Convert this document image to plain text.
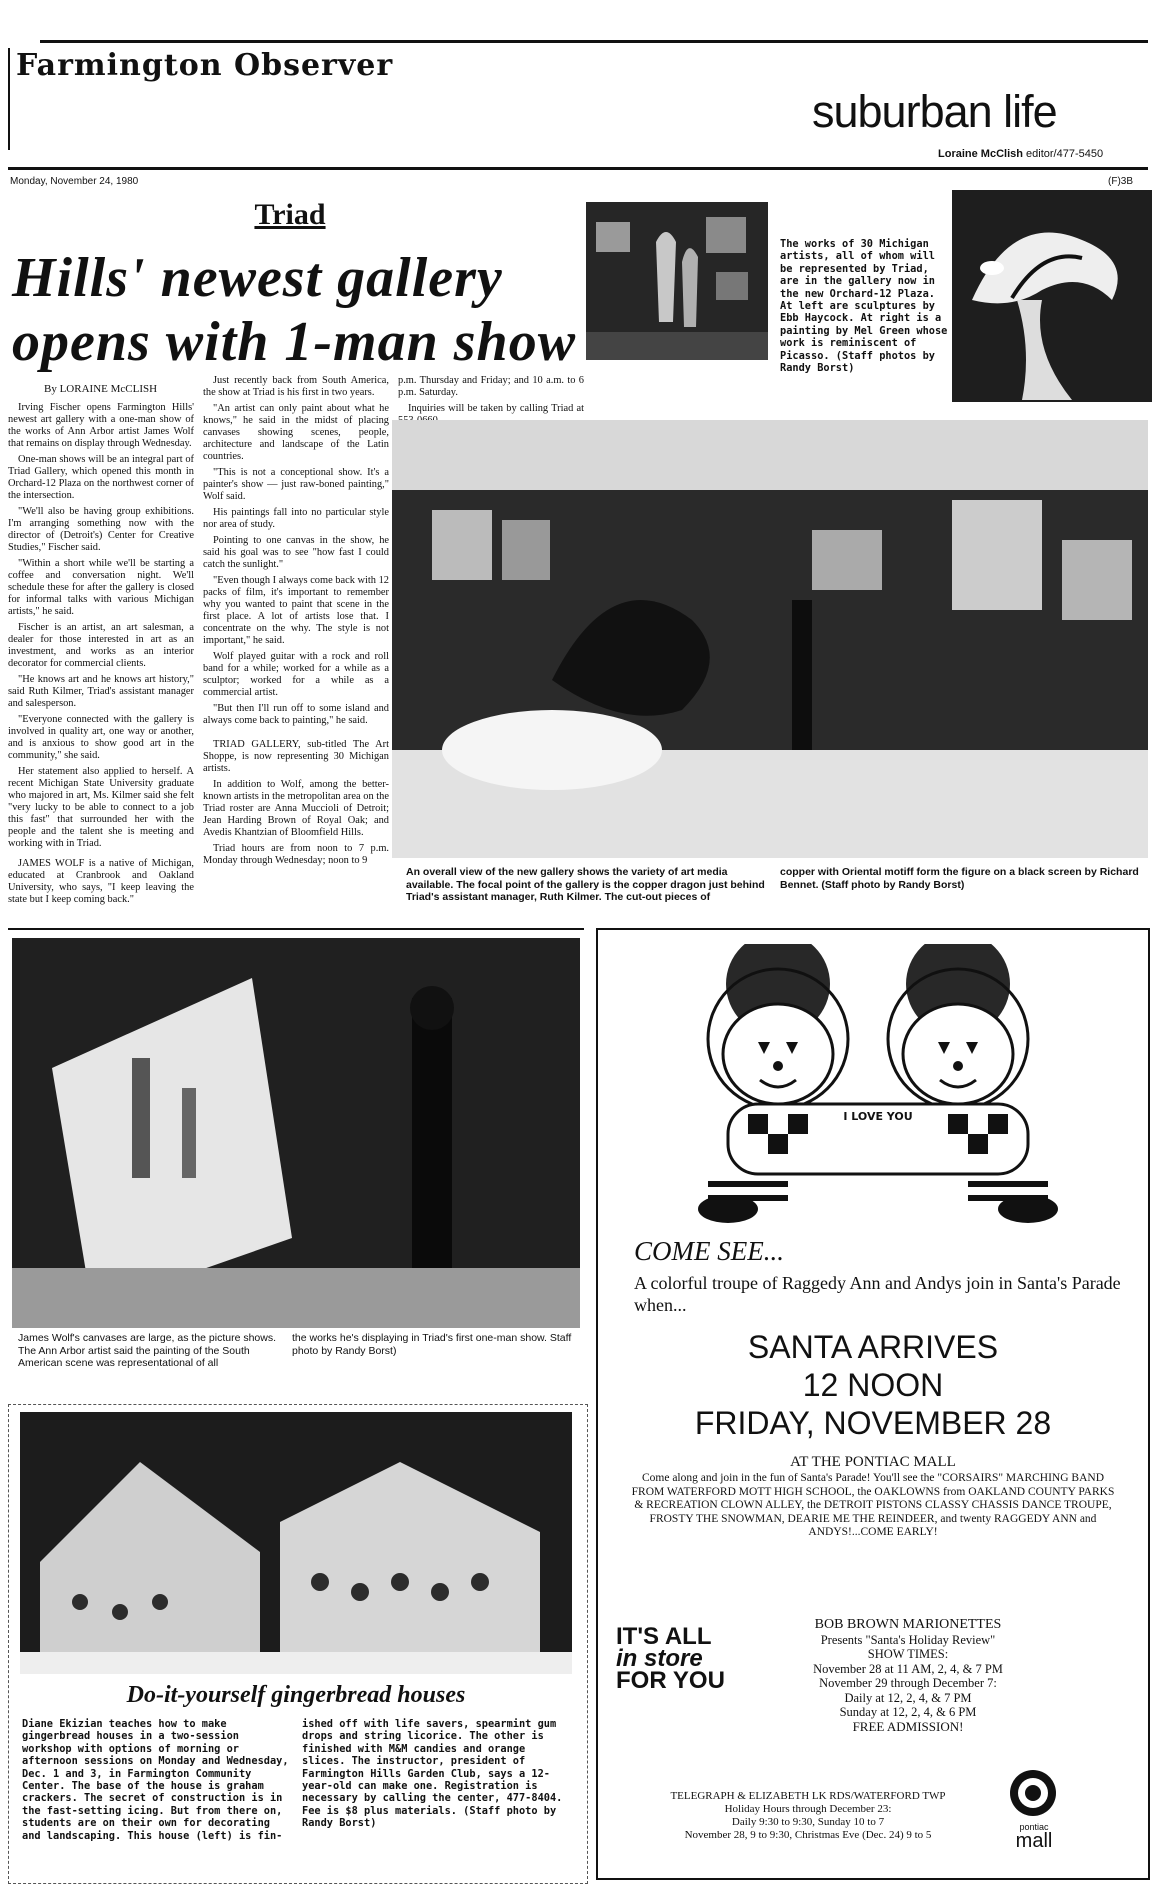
Farmington Observer
suburban life
Loraine McClish editor/477-5450
Monday, November 24, 1980	(F)3B
Triad
Hills' newest gallery
opens with 1-man show
By LORAINE McCLISH

Irving Fischer opens Farmington Hills' newest art gallery with a one-man show of the works of Ann Arbor artist James Wolf that remains on display through Wednesday.

One-man shows will be an integral part of Triad Gallery, which opened this month in Orchard-12 Plaza on the northwest corner of the intersection.

"We'll also be having group exhibitions. I'm arranging something now with the director of (Detroit's) Center for Creative Studies," Fischer said.

"Within a short while we'll be starting a coffee and conversation night. We'll schedule these for after the gallery is closed for informal talks with various Michigan artists," he said.

Fischer is an artist, an art salesman, a dealer for those interested in art as an investment, and works as an interior decorator for commercial clients.

"He knows art and he knows art history," said Ruth Kilmer, Triad's assistant manager and salesperson.

"Everyone connected with the gallery is involved in quality art, one way or another, and is anxious to show good art in the community," she said.

Her statement also applied to herself. A recent Michigan State University graduate who majored in art, Ms. Kilmer said she felt "very lucky to be able to connect to a job this fast" that surrounded her with the people and the talent she is meeting and working with in Triad.

JAMES WOLF is a native of Michigan, educated at Cranbrook and Oakland University, who says, "I keep leaving the state but I keep coming back."

Just recently back from South America, the show at Triad is his first in two years.

"An artist can only paint about what he knows," he said in the midst of placing canvases showing scenes, people, architecture and landscape of the Latin countries.

"This is not a conceptional show. It's a painter's show — just raw-boned painting," Wolf said.

His paintings fall into no particular style nor area of study.

Pointing to one canvas in the show, he said his goal was to see "how fast I could catch the sunlight."

"Even though I always come back with 12 packs of film, it's important to remember why you wanted to paint that scene in the first place. A lot of artists lose that. I concentrate on the why. The style is not important," he said.

Wolf played guitar with a rock and roll band for a while; worked for a while as a sculptor; worked for a while as a commercial artist.

"But then I'll run off to some island and always come back to painting," he said.

TRIAD GALLERY, sub-titled The Art Shoppe, is now representing 30 Michigan artists.

In addition to Wolf, among the better-known artists in the metropolitan area on the Triad roster are Anna Muccioli of Detroit; Jean Harding Brown of Royal Oak; and Avedis Khantzian of Bloomfield Hills.

Triad hours are from noon to 7 p.m. Monday through Wednesday; noon to 9

p.m. Thursday and Friday; and 10 a.m. to 6 p.m. Saturday.

Inquiries will be taken by calling Triad at

The works of 30 Michigan artists, all of whom will be represented by Triad, are in the gallery now in the new Orchard-12 Plaza. At left are sculptures by Ebb Haycock. At right is a painting by Mel Green whose work is reminiscent of Picasso. (Staff photos by Randy Borst)
An overall view of the new gallery shows the variety of art media available. The focal point of the gallery is the copper dragon just behind Triad's assistant manager, Ruth Kilmer. The cut-out pieces of
copper with Oriental motiff form the figure on a black screen by Richard Bennet. (Staff photo by Randy Borst)
James Wolf's canvases are large, as the picture shows. The Ann Arbor artist said the painting of the South American scene was representational of all
the works he's displaying in Triad's first one-man show. Staff photo by Randy Borst)
Do-it-yourself gingerbread houses
Diane Ekizian teaches how to make gingerbread houses in a two-session workshop with options of morning or afternoon sessions on Monday and Wednesday, Dec. 1 and 3, in Farmington Community Center. The base of the house is graham crackers. The secret of construction is in the fast-setting icing. But from there on, students are on their own for decorating and landscaping. This house (left) is fin-
ished off with life savers, spearmint gum drops and string licorice. The other is finished with M&M candies and orange slices. The instructor, president of Farmington Hills Garden Club, says a 12-year-old can make one. Registration is necessary by calling the center, 477-8404. Fee is $8 plus materials. (Staff photo by Randy Borst)
I LOVE YOU
COME SEE...
A colorful troupe of Raggedy Ann and Andys join in Santa's Parade when...
SANTA ARRIVES
12 NOON
FRIDAY, NOVEMBER 28
AT THE PONTIAC MALL
Come along and join in the fun of Santa's Parade! You'll see the "CORSAIRS" MARCHING BAND FROM WATERFORD MOTT HIGH SCHOOL, the OAKLOWNS from OAKLAND COUNTY PARKS & RECREATION CLOWN ALLEY, the DETROIT PISTONS CLASSY CHASSIS DANCE TROUPE, FROSTY THE SNOWMAN, DEARIE ME THE REINDEER, and twenty RAGGEDY ANN and ANDYS!...COME EARLY!
IT'S ALL
in store
FOR YOU
BOB BROWN MARIONETTES
Presents "Santa's Holiday Review"
SHOW TIMES:
November 28 at 11 AM, 2, 4, & 7 PM
November 29 through December 7:
Daily at 12, 2, 4, & 7 PM
Sunday at 12, 2, 4, & 6 PM
FREE ADMISSION!
TELEGRAPH & ELIZABETH LK RDS/WATERFORD TWP
Holiday Hours through December 23:
Daily 9:30 to 9:30, Sunday 10 to 7
November 28, 9 to 9:30, Christmas Eve (Dec. 24) 9 to 5
pontiac
mall
